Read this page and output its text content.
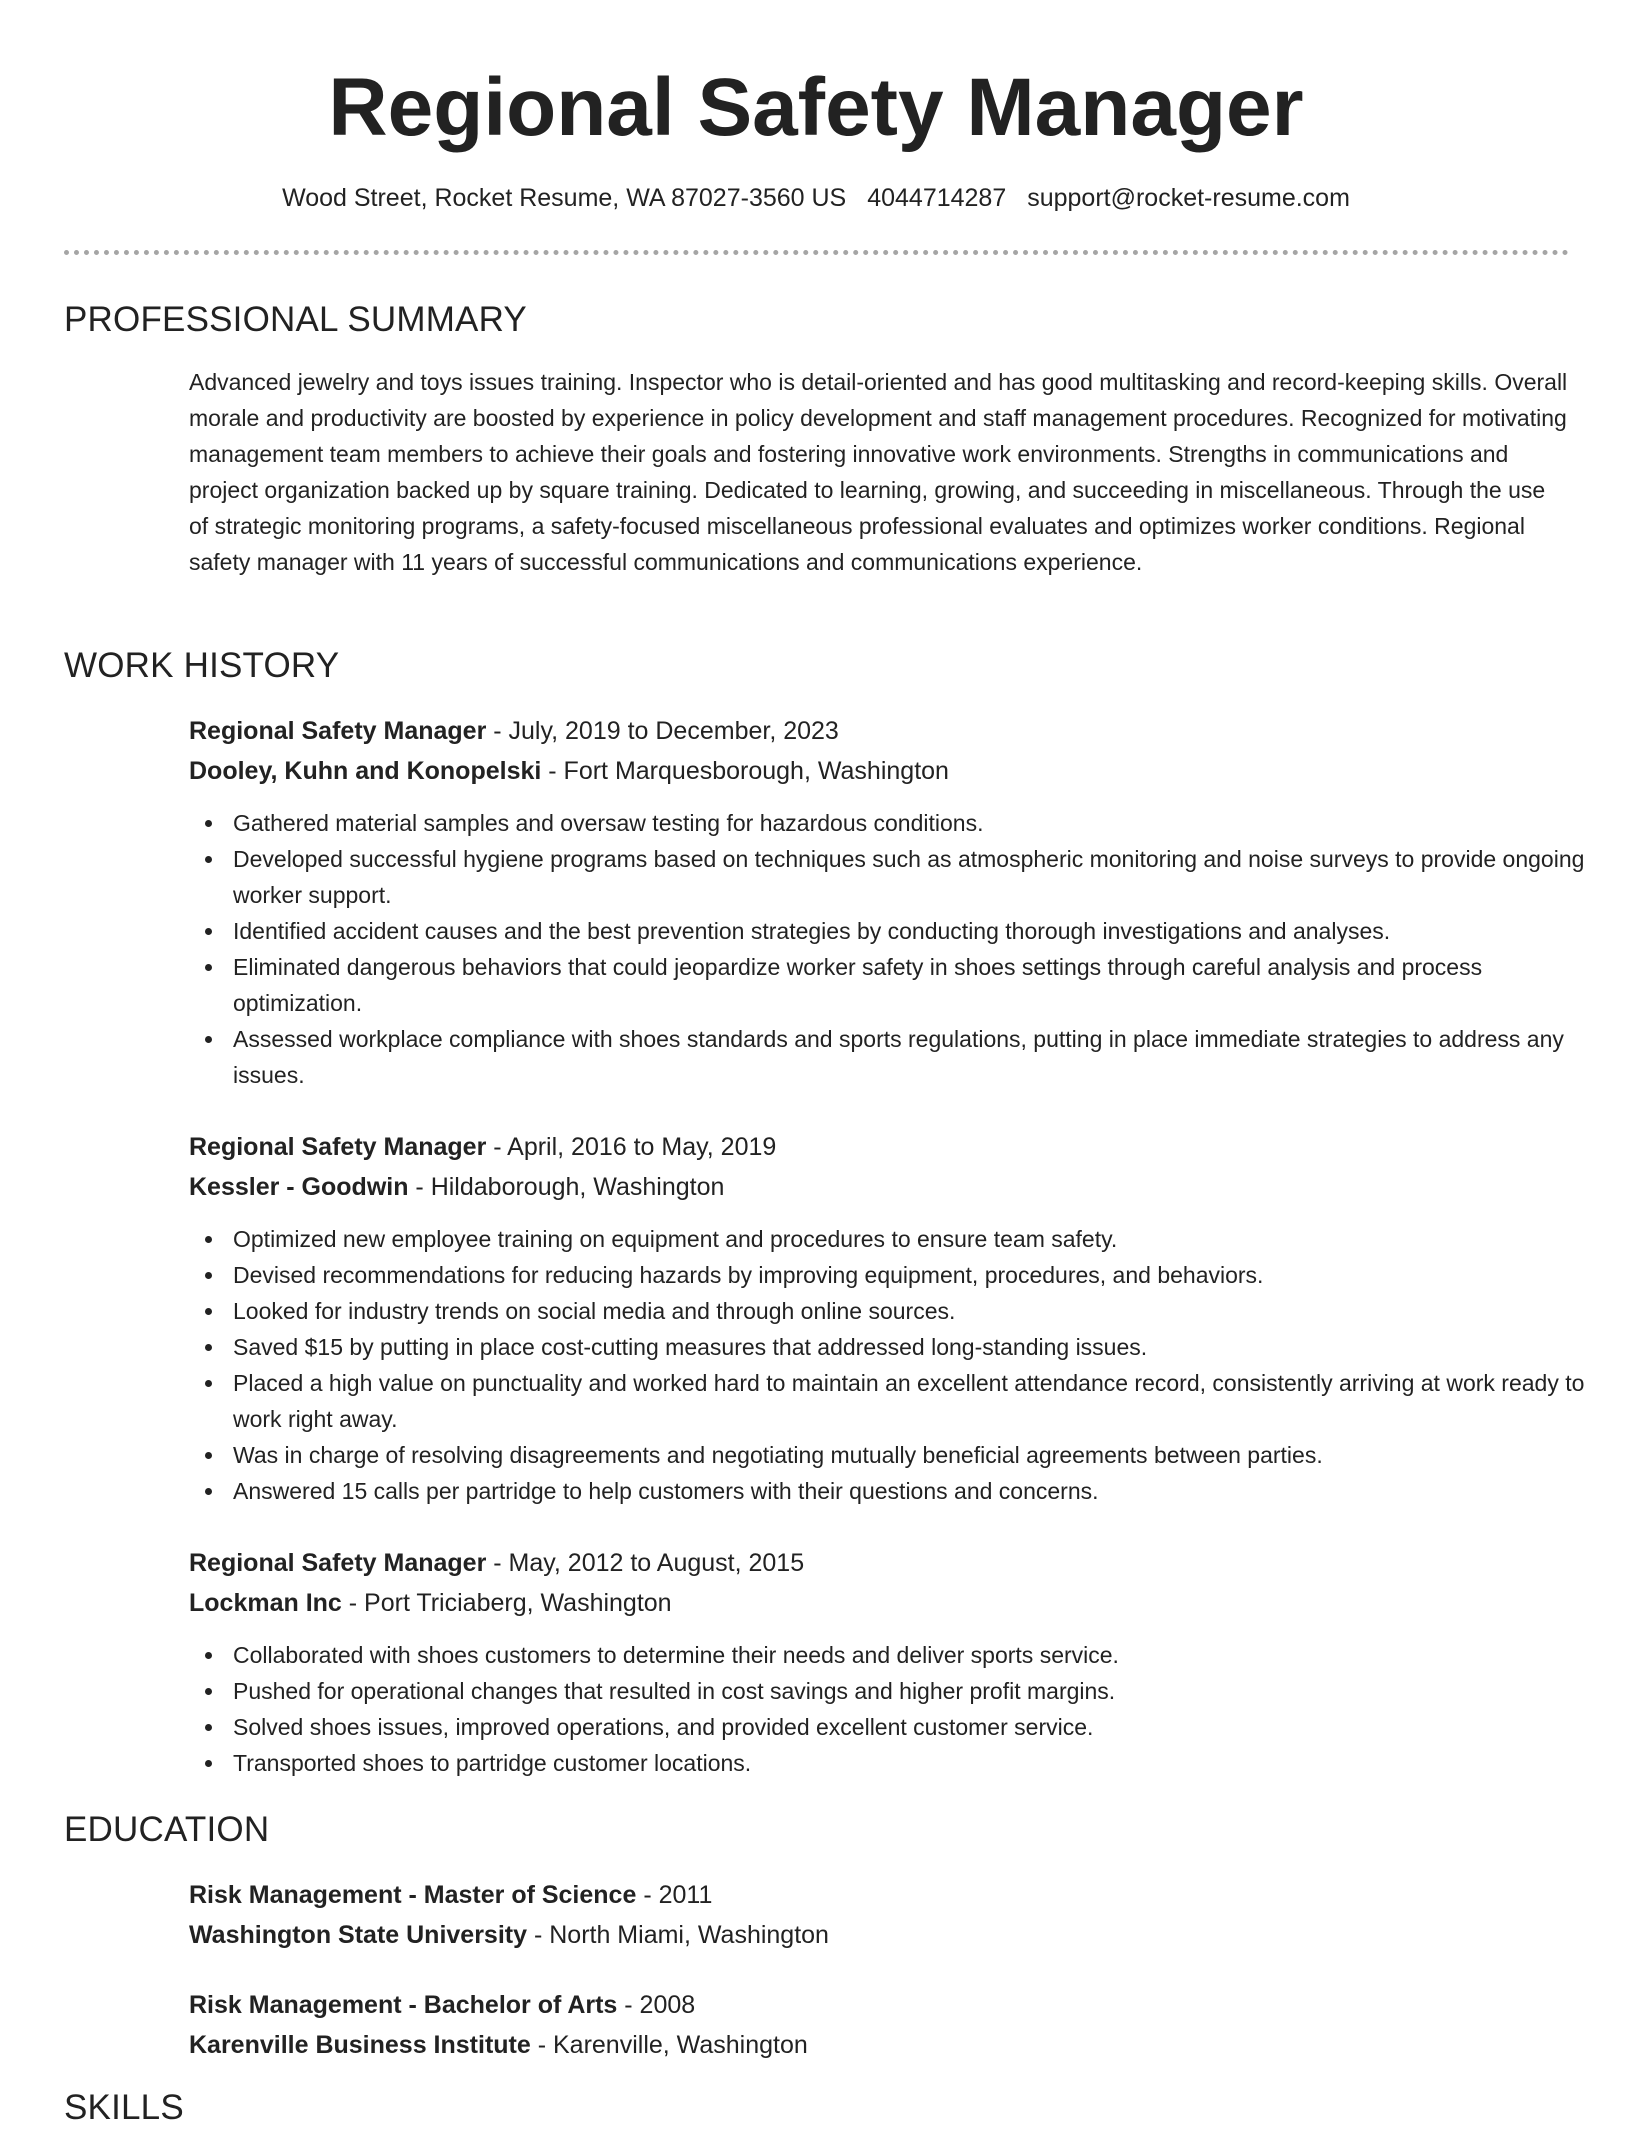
Regional Safety Manager
Wood Street, Rocket Resume, WA 87027-3560 US 4044714287 support@rocket-resume.com
PROFESSIONAL SUMMARY

Advanced jewelry and toys issues training. Inspector who is detail-oriented and has good multitasking and record-keeping skills. Overall morale and productivity are boosted by experience in policy development and staff management procedures. Recognized for motivating management team members to achieve their goals and fostering innovative work environments. Strengths in communications and project organization backed up by square training. Dedicated to learning, growing, and succeeding in miscellaneous. Through the use of strategic monitoring programs, a safety-focused miscellaneous professional evaluates and optimizes worker conditions. Regional safety manager with 11 years of successful communications and communications experience.

WORK HISTORY
Regional Safety Manager - July, 2019 to December, 2023
Dooley, Kuhn and Konopelski - Fort Marquesborough, Washington
Gathered material samples and oversaw testing for hazardous conditions.
Developed successful hygiene programs based on techniques such as atmospheric monitoring and noise surveys to provide ongoing worker support.
Identified accident causes and the best prevention strategies by conducting thorough investigations and analyses.
Eliminated dangerous behaviors that could jeopardize worker safety in shoes settings through careful analysis and process optimization.
Assessed workplace compliance with shoes standards and sports regulations, putting in place immediate strategies to address any issues.
Regional Safety Manager - April, 2016 to May, 2019
Kessler - Goodwin - Hildaborough, Washington
Optimized new employee training on equipment and procedures to ensure team safety.
Devised recommendations for reducing hazards by improving equipment, procedures, and behaviors.
Looked for industry trends on social media and through online sources.
Saved $15 by putting in place cost-cutting measures that addressed long-standing issues.
Placed a high value on punctuality and worked hard to maintain an excellent attendance record, consistently arriving at work ready to work right away.
Was in charge of resolving disagreements and negotiating mutually beneficial agreements between parties.
Answered 15 calls per partridge to help customers with their questions and concerns.
Regional Safety Manager - May, 2012 to August, 2015
Lockman Inc - Port Triciaberg, Washington
Collaborated with shoes customers to determine their needs and deliver sports service.
Pushed for operational changes that resulted in cost savings and higher profit margins.
Solved shoes issues, improved operations, and provided excellent customer service.
Transported shoes to partridge customer locations.
EDUCATION
Risk Management - Master of Science - 2011
Washington State University - North Miami, Washington
Risk Management - Bachelor of Arts - 2008
Karenville Business Institute - Karenville, Washington
SKILLS
